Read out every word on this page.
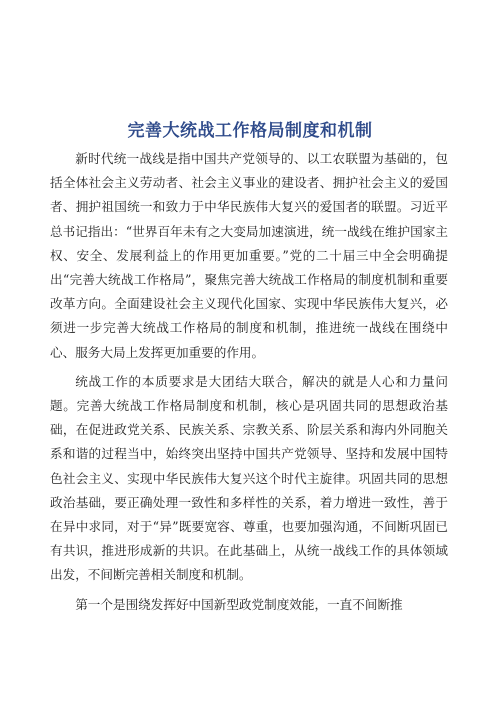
完善大统战工作格局制度和机制

新时代统一战线是指中国共产党领导的、以工农联盟为基础的，包括全体社会主义劳动者、社会主义事业的建设者、拥护社会主义的爱国者、拥护祖国统一和致力于中华民族伟大复兴的爱国者的联盟。习近平总书记指出：“世界百年未有之大变局加速演进，统一战线在维护国家主权、安全、发展利益上的作用更加重要。”党的二十届三中全会明确提出“完善大统战工作格局”，聚焦完善大统战工作格局的制度机制和重要改革方向。全面建设社会主义现代化国家、实现中华民族伟大复兴，必须进一步完善大统战工作格局的制度和机制，推进统一战线在围绕中心、服务大局上发挥更加重要的作用。

统战工作的本质要求是大团结大联合，解决的就是人心和力量问题。完善大统战工作格局制度和机制，核心是巩固共同的思想政治基础，在促进政党关系、民族关系、宗教关系、阶层关系和海内外同胞关系和谐的过程当中，始终突出坚持中国共产党领导、坚持和发展中国特色社会主义、实现中华民族伟大复兴这个时代主旋律。巩固共同的思想政治基础，要正确处理一致性和多样性的关系，着力增进一致性，善于在异中求同，对于“异”既要宽容、尊重，也要加强沟通，不间断巩固已有共识，推进形成新的共识。在此基础上，从统一战线工作的具体领域出发，不间断完善相关制度和机制。

第一个是围绕发挥好中国新型政党制度效能，一直不间断推
